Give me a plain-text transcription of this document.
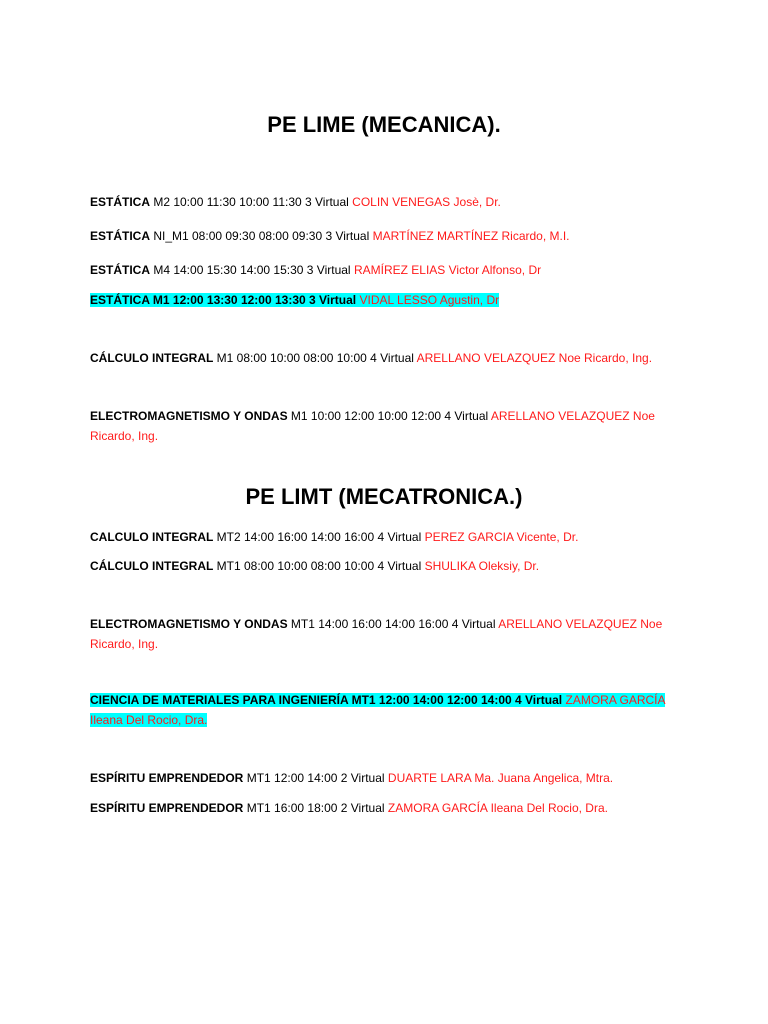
PE LIME (MECANICA).
ESTÁTICA M2 10:00 11:30 10:00 11:30 3 Virtual COLIN VENEGAS Josè, Dr.
ESTÁTICA NI_M1 08:00 09:30 08:00 09:30 3 Virtual MARTÍNEZ MARTÍNEZ Ricardo, M.I.
ESTÁTICA M4 14:00 15:30 14:00 15:30 3 Virtual RAMÍREZ ELIAS Victor Alfonso, Dr
ESTÁTICA M1 12:00 13:30 12:00 13:30 3 Virtual VIDAL LESSO Agustin, Dr
CÁLCULO INTEGRAL M1 08:00 10:00 08:00 10:00 4 Virtual ARELLANO VELAZQUEZ Noe Ricardo, Ing.
ELECTROMAGNETISMO Y ONDAS M1 10:00 12:00 10:00 12:00 4 Virtual ARELLANO VELAZQUEZ Noe Ricardo, Ing.
PE LIMT (MECATRONICA.)
CALCULO INTEGRAL MT2 14:00 16:00 14:00 16:00 4 Virtual PEREZ GARCIA Vicente, Dr.
CÁLCULO INTEGRAL MT1 08:00 10:00 08:00 10:00 4 Virtual SHULIKA Oleksiy, Dr.
ELECTROMAGNETISMO Y ONDAS MT1 14:00 16:00 14:00 16:00 4 Virtual ARELLANO VELAZQUEZ Noe Ricardo, Ing.
CIENCIA DE MATERIALES PARA INGENIERÍA MT1 12:00 14:00 12:00 14:00 4 Virtual ZAMORA GARCÍA Ileana Del Rocio, Dra.
ESPÍRITU EMPRENDEDOR MT1 12:00 14:00 2 Virtual DUARTE LARA Ma. Juana Angelica, Mtra.
ESPÍRITU EMPRENDEDOR MT1 16:00 18:00 2 Virtual ZAMORA GARCÍA Ileana Del Rocio, Dra.
